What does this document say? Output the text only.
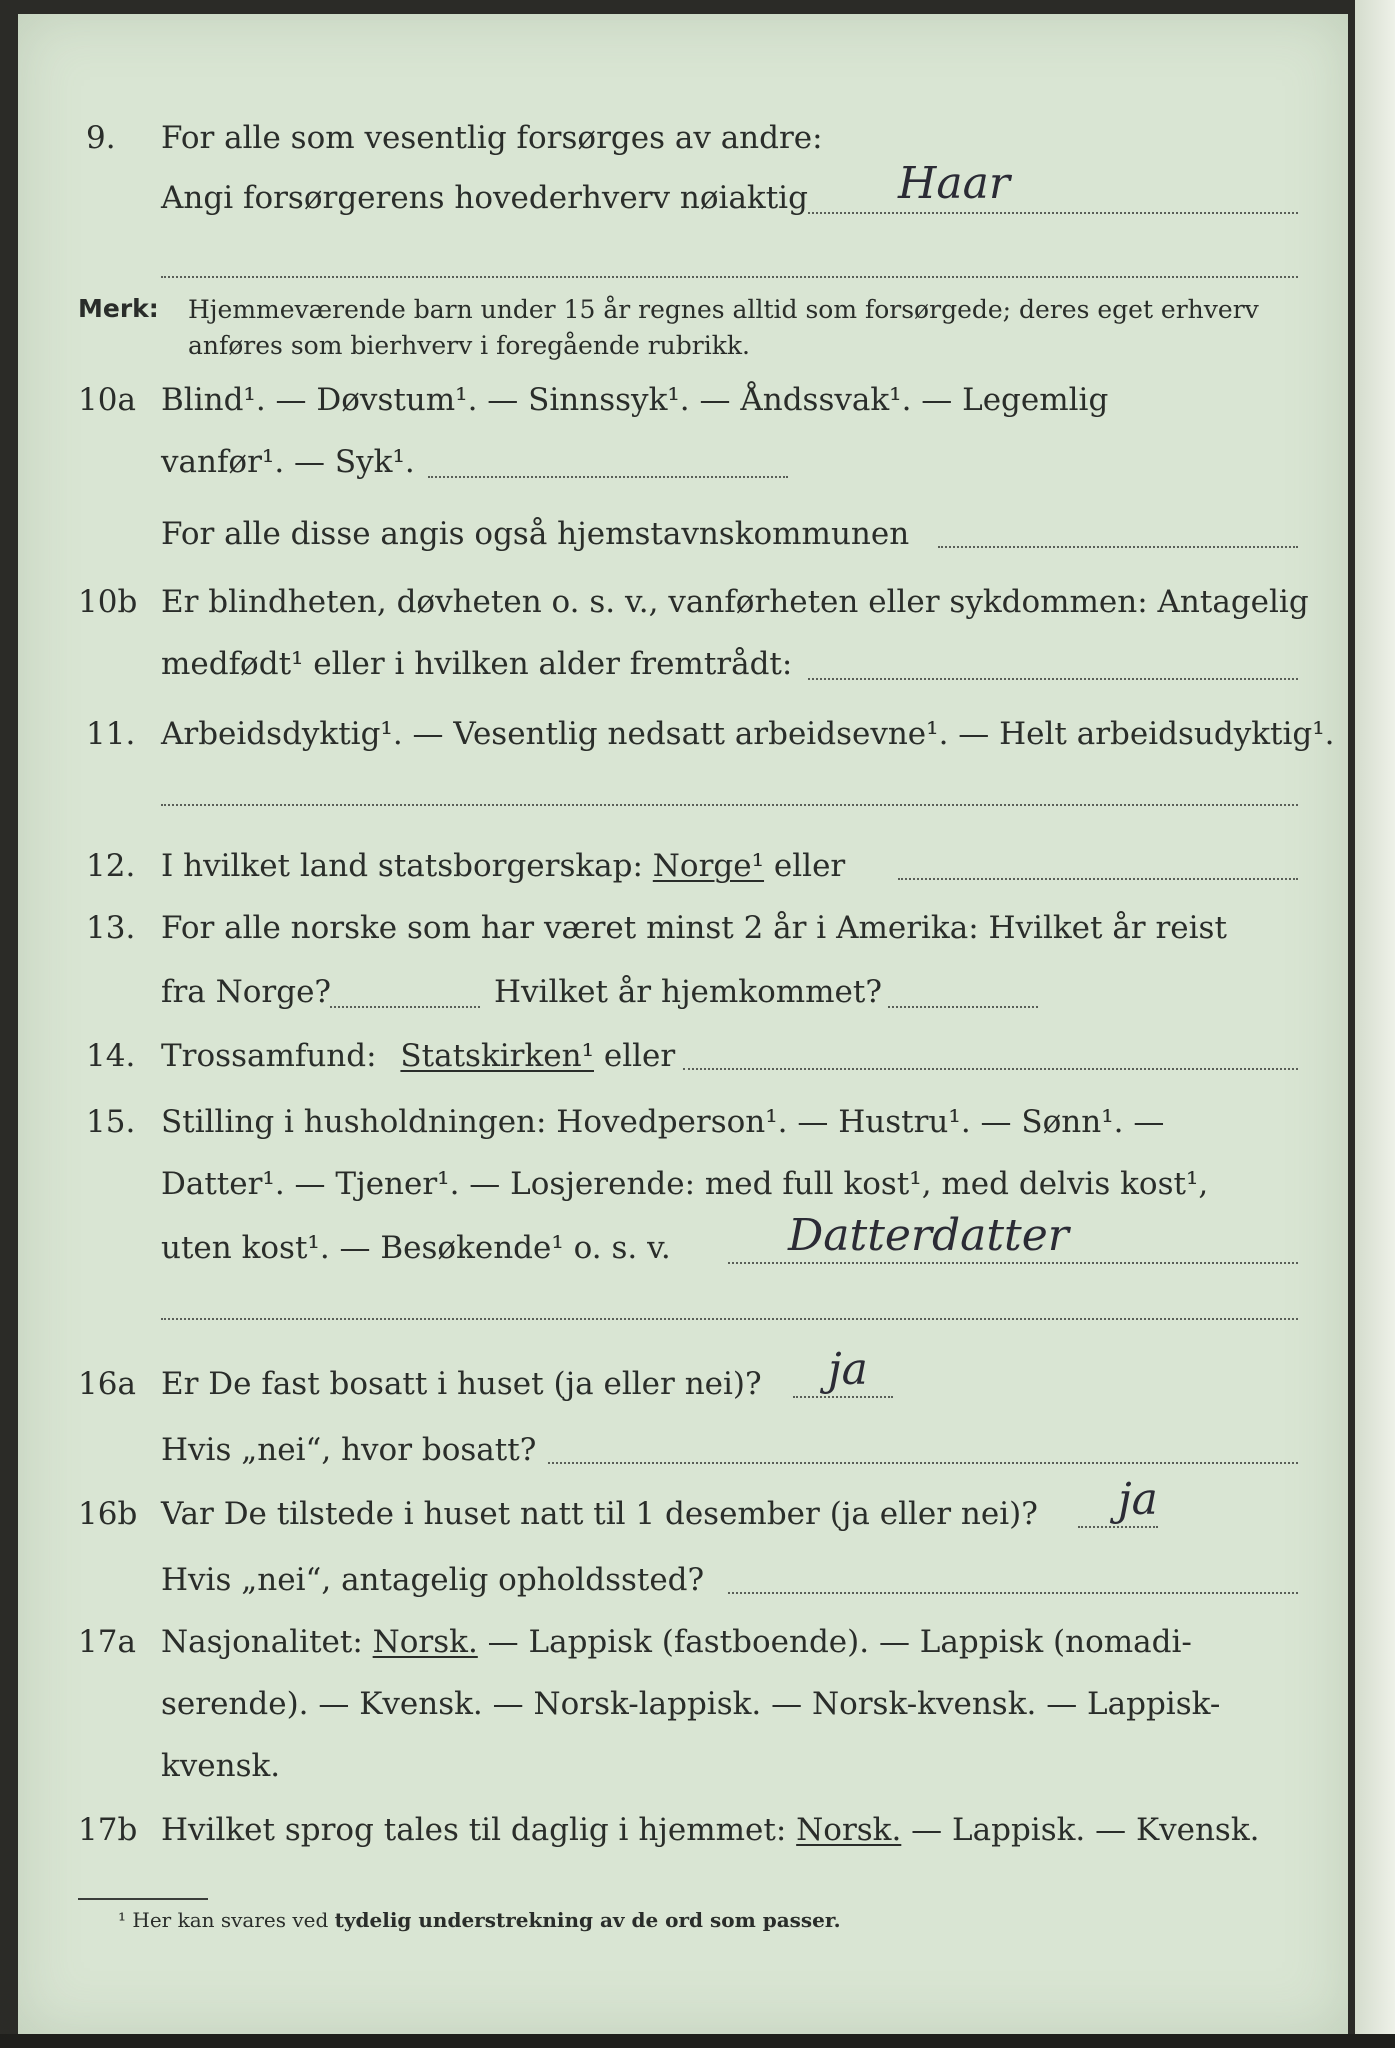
9. For alle som vesentlig forsørges av andre:
Angi forsørgerens hovederhverv nøiaktig Haar
Merk: Hjemmeværende barn under 15 år regnes alltid som forsørgede; deres eget erhverv
anføres som bierhverv i foregående rubrikk.
10a Blind¹. — Døvstum¹. — Sinnssyk¹. — Åndssvak¹. — Legemlig
vanfør¹. — Syk¹.
For alle disse angis også hjemstavnskommunen
10b Er blindheten, døvheten o. s. v., vanførheten eller sykdommen: Antagelig
medfødt¹ eller i hvilken alder fremtrådt:
11. Arbeidsdyktig¹. — Vesentlig nedsatt arbeidsevne¹. — Helt arbeidsudyktig¹.
12. I hvilket land statsborgerskap: Norge¹ eller
13. For alle norske som har været minst 2 år i Amerika: Hvilket år reist
fra Norge?	Hvilket år hjemkommet?
14. Trossamfund: Statskirken¹ eller
15. Stilling i husholdningen: Hovedperson¹. — Hustru¹. — Sønn¹. —
Datter¹. — Tjener¹. — Losjerende: med full kost¹, med delvis kost¹,
uten kost¹. — Besøkende¹ o. s. v.	Datterdatter
16a Er De fast bosatt i huset (ja eller nei)? ja
Hvis „nei“, hvor bosatt?
16b Var De tilstede i huset natt til 1 desember (ja eller nei)? ja
Hvis „nei“, antagelig opholdssted?
17a Nasjonalitet: Norsk. — Lappisk (fastboende). — Lappisk (nomadi-
serende). — Kvensk. — Norsk-lappisk. — Norsk-kvensk. — Lappisk-
kvensk.
17b Hvilket sprog tales til daglig i hjemmet: Norsk. — Lappisk. — Kvensk.
¹ Her kan svares ved tydelig understrekning av de ord som passer.
